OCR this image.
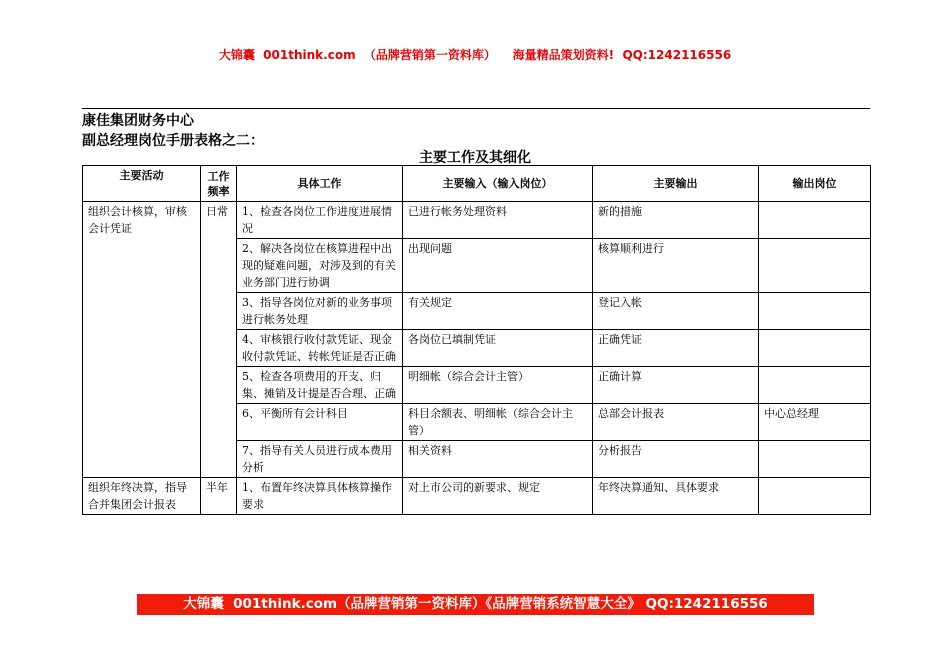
大锦囊  001think.com  （品牌营销第一资料库）    海量精品策划资料!  QQ:1242116556
康佳集团财务中心
副总经理岗位手册表格之二：
主要工作及其细化
主要活动	工作频率	具体工作	主要输入（输入岗位）	主要输出	输出岗位
组织会计核算，审核会计凭证	日常	1、检查各岗位工作进度进展情况	已进行帐务处理资料	新的措施	
		2、解决各岗位在核算进程中出现的疑难问题，对涉及到的有关业务部门进行协调	出现问题	核算顺利进行	
		3、指导各岗位对新的业务事项进行帐务处理	有关规定	登记入帐	
		4、审核银行收付款凭证、现金收付款凭证、转帐凭证是否正确	各岗位已填制凭证	正确凭证	
		5、检查各项费用的开支、归集、摊销及计提是否合理、正确	明细帐（综合会计主管）	正确计算	
		6、平衡所有会计科目	科目余额表、明细帐（综合会计主管）	总部会计报表	中心总经理
		7、指导有关人员进行成本费用分析	相关资料	分析报告	
组织年终决算，指导合并集团会计报表	半年	1、布置年终决算具体核算操作要求	对上市公司的新要求、规定	年终决算通知、具体要求	
大锦囊  001think.com（品牌营销第一资料库）《品牌营销系统智慧大全》 QQ:1242116556
